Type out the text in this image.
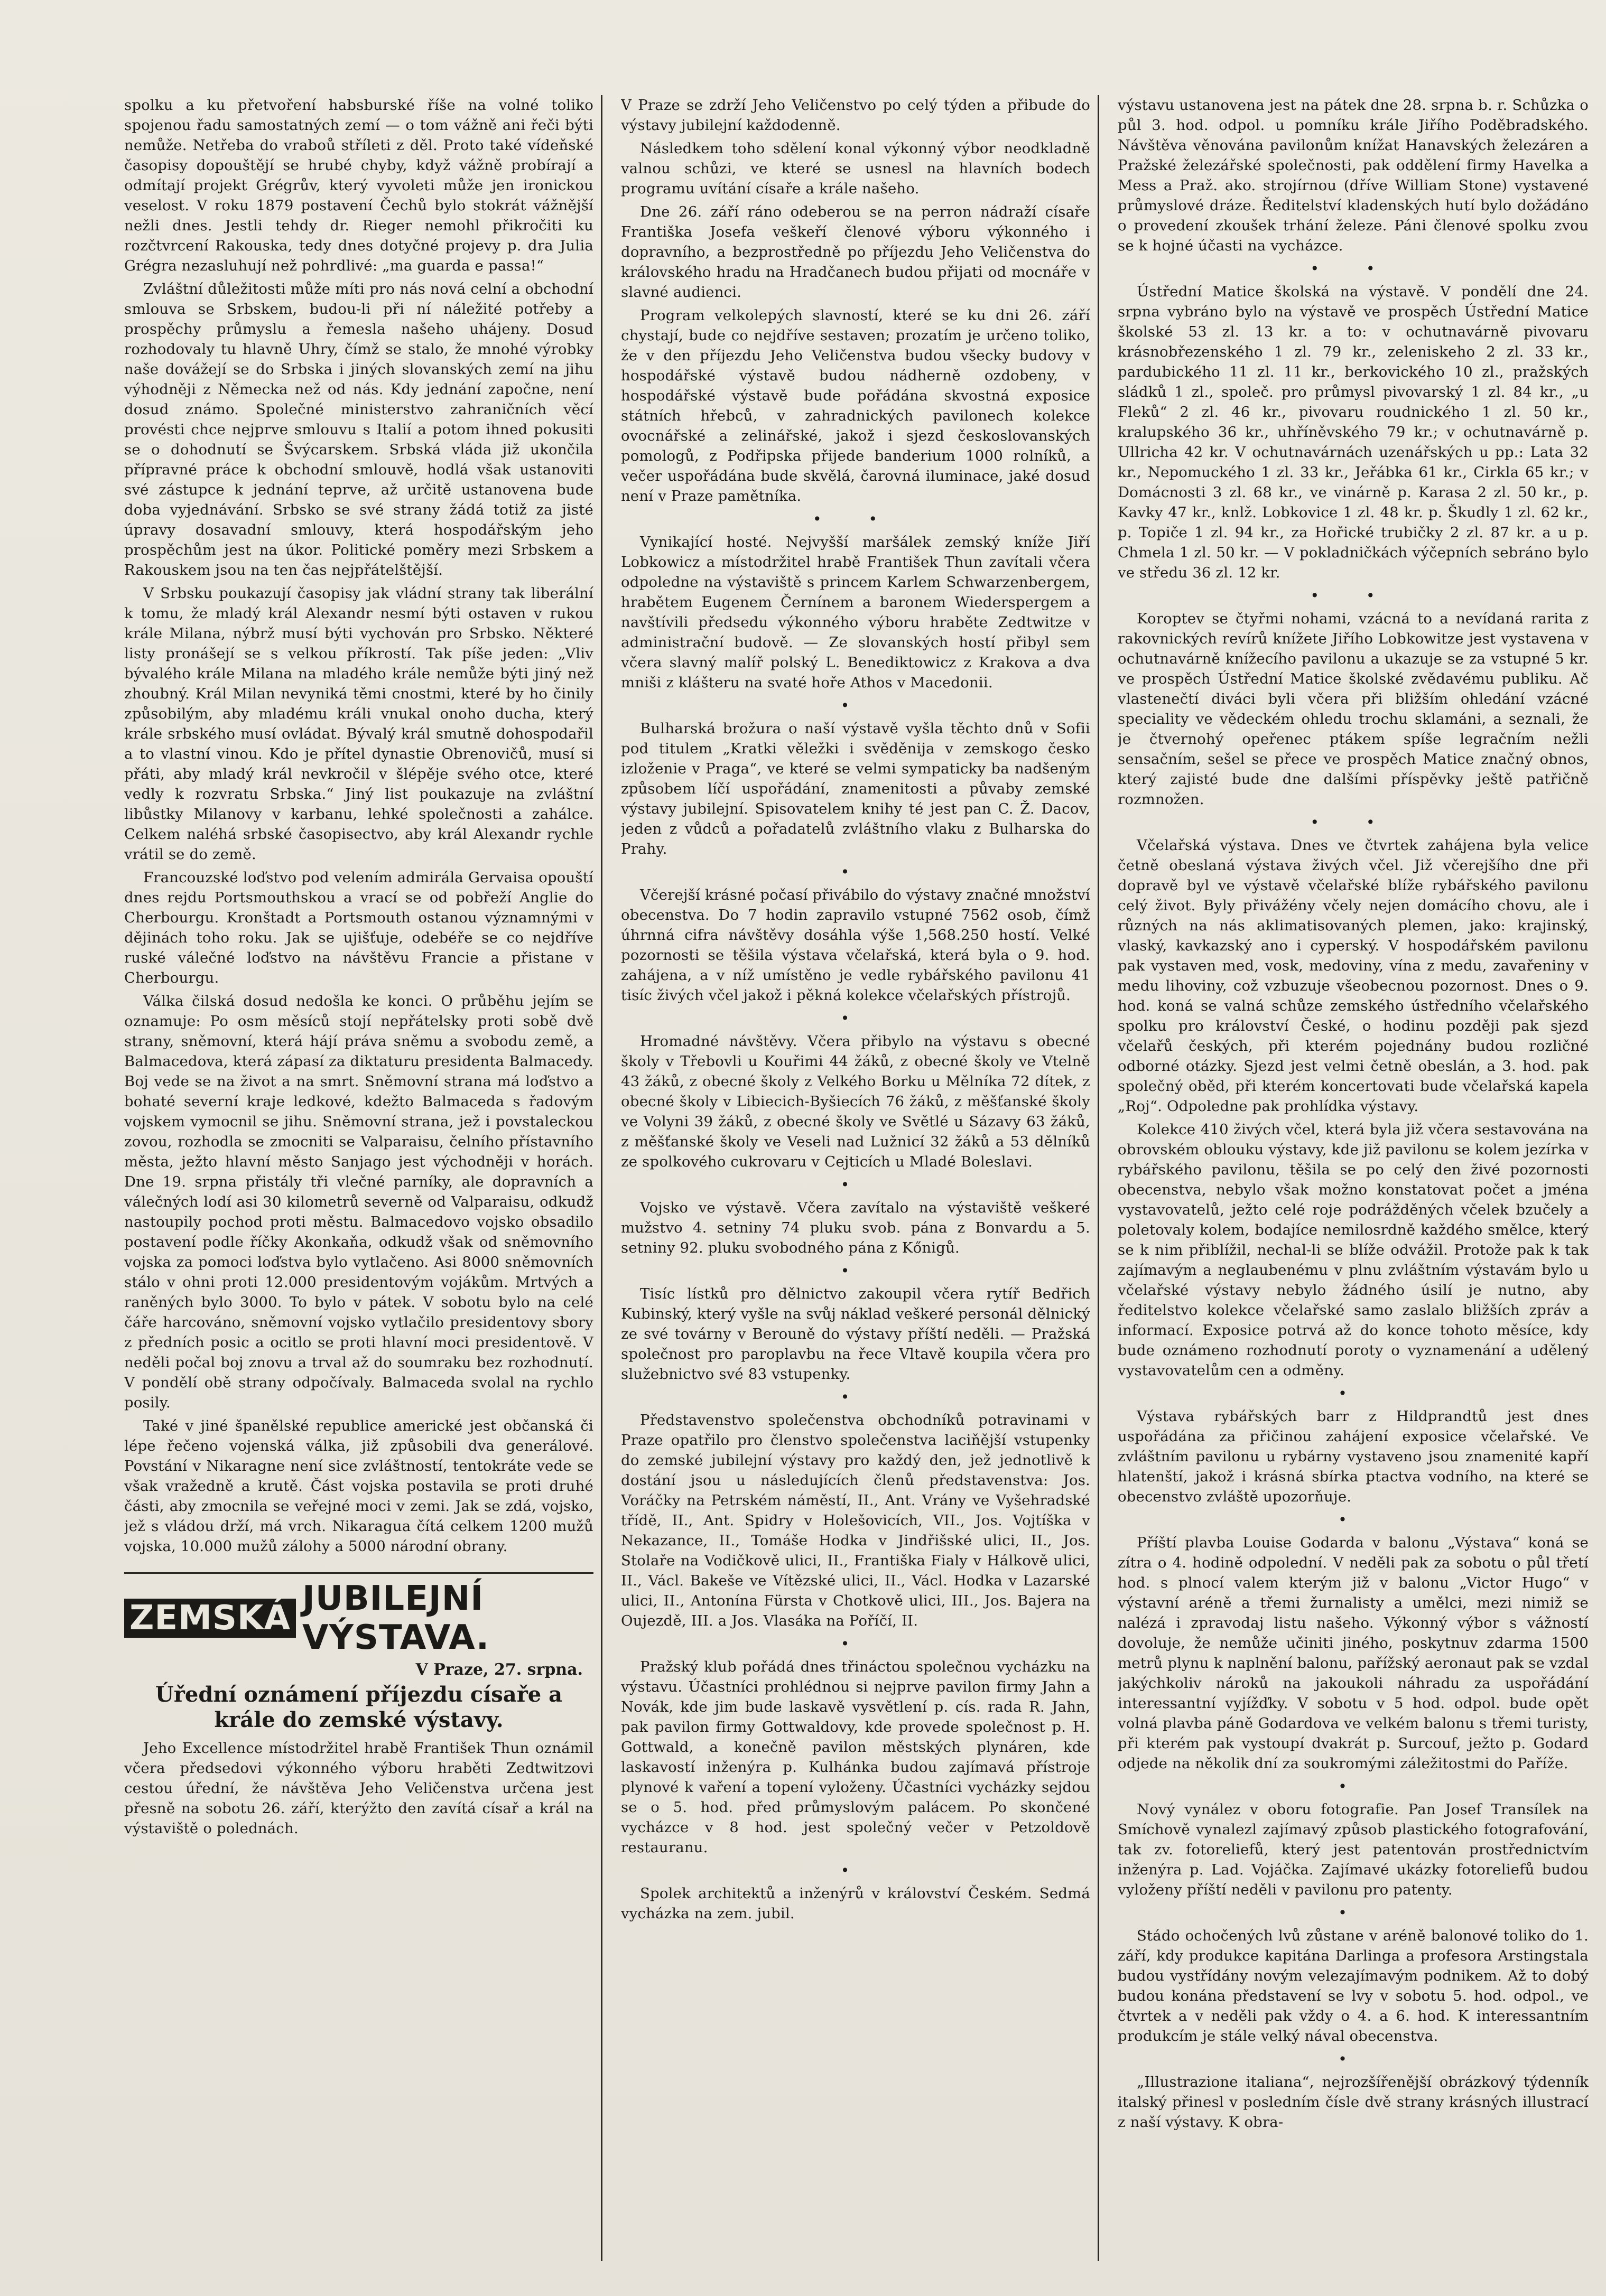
spolku a ku přetvoření habsburské říše na volné toliko spojenou řadu samostatných zemí — o tom vážně ani řeči býti nemůže. Netřeba do vraboů stříleti z děl. Proto také vídeňské časopisy dopouštějí se hrubé chyby, když vážně probírají a odmítají projekt Grégrův, který vyvoleti může jen ironickou veselost. V roku 1879 postavení Čechů bylo stokrát vážnější nežli dnes. Jestli tehdy dr. Rieger nemohl přikročiti ku rozčtvrcení Rakouska, tedy dnes dotyčné projevy p. dra Julia Grégra nezasluhují než pohrdlivé: „ma guarda e passa!“

Zvláštní důležitosti může míti pro nás nová celní a obchodní smlouva se Srbskem, budou-li při ní náležité potřeby a prospěchy průmyslu a řemesla našeho uhájeny. Dosud rozhodovaly tu hlavně Uhry, čímž se stalo, že mnohé výrobky naše dovážejí se do Srbska i jiných slovanských zemí na jihu výhodněji z Německa než od nás. Kdy jednání započne, není dosud známo. Společné ministerstvo zahraničních věcí provésti chce nejprve smlouvu s Italií a potom ihned pokusiti se o dohodnutí se Švýcarskem. Srbská vláda již ukončila přípravné práce k obchodní smlouvě, hodlá však ustanoviti své zástupce k jednání teprve, až určitě ustanovena bude doba vyjednávání. Srbsko se své strany žádá totiž za jisté úpravy dosavadní smlouvy, která hospodářským jeho prospěchům jest na úkor. Politické poměry mezi Srbskem a Rakouskem jsou na ten čas nejpřátelštější.

V Srbsku poukazují časopisy jak vládní strany tak liberální k tomu, že mladý král Alexandr nesmí býti ostaven v rukou krále Milana, nýbrž musí býti vychován pro Srbsko. Některé listy pronášejí se s velkou příkrostí. Tak píše jeden: „Vliv bývalého krále Milana na mladého krále nemůže býti jiný než zhoubný. Král Milan nevyniká těmi cnostmi, které by ho činily způsobilým, aby mladému králi vnukal onoho ducha, který krále srbského musí ovládat. Bývalý král smutně dohospodařil a to vlastní vinou. Kdo je přítel dynastie Obrenovičů, musí si přáti, aby mladý král nevkročil v šlépěje svého otce, které vedly k rozvratu Srbska.“ Jiný list poukazuje na zvláštní libůstky Milanovy v karbanu, lehké společnosti a zahálce. Celkem naléhá srbské časopisectvo, aby král Alexandr rychle vrátil se do země.

Francouzské loďstvo pod velením admirála Gervaisa opouští dnes rejdu Portsmouthskou a vrací se od pobřeží Anglie do Cherbourgu. Kronštadt a Portsmouth ostanou významnými v dějinách toho roku. Jak se ujišťuje, odebéře se co nejdříve ruské válečné loďstvo na návštěvu Francie a přistane v Cherbourgu.

Válka čilská dosud nedošla ke konci. O průběhu jejím se oznamuje: Po osm měsíců stojí nepřátelsky proti sobě dvě strany, sněmovní, která hájí práva sněmu a svobodu země, a Balmacedova, která zápasí za diktaturu presidenta Balmacedy. Boj vede se na život a na smrt. Sněmovní strana má loďstvo a bohaté severní kraje ledkové, kdežto Balmaceda s řadovým vojskem vymocnil se jihu. Sněmovní strana, jež i povstaleckou zovou, rozhodla se zmocniti se Valparaisu, čelního přístavního města, ježto hlavní město Sanjago jest východněji v horách. Dne 19. srpna přistály tři vlečné parníky, ale dopravních a válečných lodí asi 30 kilometrů severně od Valparaisu, odkudž nastoupily pochod proti městu. Balmacedovo vojsko obsadilo postavení podle říčky Akonkaňa, odkudž však od sněmovního vojska za pomoci loďstva bylo vytlačeno. Asi 8000 sněmovních stálo v ohni proti 12.000 presidentovým vojákům. Mrtvých a raněných bylo 3000. To bylo v pátek. V sobotu bylo na celé čáře harcováno, sněmovní vojsko vytlačilo presidentovy sbory z předních posic a ocitlo se proti hlavní moci presidentově. V neděli počal boj znovu a trval až do soumraku bez rozhodnutí. V pondělí obě strany odpočívaly. Balmaceda svolal na rychlo posily.

Také v jiné španělské republice americké jest občanská či lépe řečeno vojenská válka, již způsobili dva generálové. Povstání v Nikaragne není sice zvláštností, tentokráte vede se však vražedně a krutě. Část vojska postavila se proti druhé části, aby zmocnila se veřejné moci v zemi. Jak se zdá, vojsko, jež s vládou drží, má vrch. Nikaragua čítá celkem 1200 mužů vojska, 10.000 mužů zálohy a 5000 národní obrany.

ZEMSKÁ JUBILEJNÍ VÝSTAVA.
V Praze, 27. srpna.
Úřední oznámení příjezdu císaře a krále do zemské výstavy.

Jeho Excellence místodržitel hrabě František Thun oznámil včera předsedovi výkonného výboru hraběti Zedtwitzovi cestou úřední, že návštěva Jeho Veličenstva určena jest přesně na sobotu 26. září, kterýžto den zavítá císař a král na výstaviště o polednách.

V Praze se zdrží Jeho Veličenstvo po celý týden a přibude do výstavy jubilejní každodenně.

Následkem toho sdělení konal výkonný výbor neodkladně valnou schůzi, ve které se usnesl na hlavních bodech programu uvítání císaře a krále našeho.

Dne 26. září ráno odeberou se na perron nádraží císaře Františka Josefa veškeří členové výboru výkonného i dopravního, a bezprostředně po příjezdu Jeho Veličenstva do královského hradu na Hradčanech budou přijati od mocnáře v slavné audienci.

Program velkolepých slavností, které se ku dni 26. září chystají, bude co nejdříve sestaven; prozatím je určeno toliko, že v den příjezdu Jeho Veličenstva budou všecky budovy v hospodářské výstavě budou nádherně ozdobeny, v hospodářské výstavě bude pořádána skvostná exposice státních hřebců, v zahradnických pavilonech kolekce ovocnářské a zelinářské, jakož i sjezd českoslovanských pomologů, z Podřipska přijede banderium 1000 rolníků, a večer uspořádána bude skvělá, čarovná iluminace, jaké dosud není v Praze pamětníka.

• •

Vynikající hosté. Nejvyšší maršálek zemský kníže Jiří Lobkowicz a místodržitel hrabě František Thun zavítali včera odpoledne na výstaviště s princem Karlem Schwarzenbergem, hrabětem Eugenem Černínem a baronem Wiederspergem a navštívili předsedu výkonného výboru hraběte Zedtwitze v administrační budově. — Ze slovanských hostí přibyl sem včera slavný malíř polský L. Benediktowicz z Krakova a dva mniši z klášteru na svaté hoře Athos v Macedonii.

•

Bulharská brožura o naší výstavě vyšla těchto dnů v Sofii pod titulem „Kratki věležki i svěděnija v zemskogo česko izloženie v Praga“, ve které se velmi sympaticky ba nadšeným způsobem líčí uspořádání, znamenitosti a půvaby zemské výstavy jubilejní. Spisovatelem knihy té jest pan C. Ž. Dacov, jeden z vůdců a pořadatelů zvláštního vlaku z Bulharska do Prahy.

•

Včerejší krásné počasí přivábilo do výstavy značné množství obecenstva. Do 7 hodin zapravilo vstupné 7562 osob, čímž úhrnná cifra návštěvy dosáhla výše 1,568.250 hostí. Velké pozornosti se těšila výstava včelařská, která byla o 9. hod. zahájena, a v níž umístěno je vedle rybářského pavilonu 41 tisíc živých včel jakož i pěkná kolekce včelařských přístrojů.

•

Hromadné návštěvy. Včera přibylo na výstavu s obecné školy v Třebovli u Kouřimi 44 žáků, z obecné školy ve Vtelně 43 žáků, z obecné školy z Velkého Borku u Mělníka 72 dítek, z obecné školy v Libiecich-Byšiecích 76 žáků, z měšťanské školy ve Volyni 39 žáků, z obecné školy ve Světlé u Sázavy 63 žáků, z měšťanské školy ve Veseli nad Lužnicí 32 žáků a 53 dělníků ze spolkového cukrovaru v Cejticích u Mladé Boleslavi.

•

Vojsko ve výstavě. Včera zavítalo na výstaviště veškeré mužstvo 4. setniny 74 pluku svob. pána z Bonvardu a 5. setniny 92. pluku svobodného pána z Kőnigů.

•

Tisíc lístků pro dělnictvo zakoupil včera rytíř Bedřich Kubinský, který vyšle na svůj náklad veškeré personál dělnický ze své továrny v Berouně do výstavy příští neděli. — Pražská společnost pro paroplavbu na řece Vltavě koupila včera pro služebnictvo své 83 vstupenky.

•

Představenstvo společenstva obchodníků potravinami v Praze opatřilo pro členstvo společenstva laciňější vstupenky do zemské jubilejní výstavy pro každý den, jež jednotlivě k dostání jsou u následujících členů představenstva: Jos. Voráčky na Petrském náměstí, II., Ant. Vrány ve Vyšehradské třídě, II., Ant. Spidry v Holešovicích, VII., Jos. Vojtíška v Nekazance, II., Tomáše Hodka v Jindřišské ulici, II., Jos. Stolaře na Vodičkově ulici, II., Františka Fialy v Hálkově ulici, II., Václ. Bakeše ve Vítězské ulici, II., Václ. Hodka v Lazarské ulici, II., Antonína Fürsta v Chotkově ulici, III., Jos. Bajera na Oujezdě, III. a Jos. Vlasáka na Poříčí, II.

•

Pražský klub pořádá dnes třináctou společnou vycházku na výstavu. Účastníci prohlédnou si nejprve pavilon firmy Jahn a Novák, kde jim bude laskavě vysvětlení p. cís. rada R. Jahn, pak pavilon firmy Gottwaldovy, kde provede společnost p. H. Gottwald, a konečně pavilon městských plynáren, kde laskavostí inženýra p. Kulhánka budou zajímavá přístroje plynové k vaření a topení vyloženy. Účastníci vycházky sejdou se o 5. hod. před průmyslovým palácem. Po skončené vycházce v 8 hod. jest společný večer v Petzoldově restauranu.

•

Spolek architektů a inženýrů v království Českém. Sedmá vycházka na zem. jubil.

výstavu ustanovena jest na pátek dne 28. srpna b. r. Schůzka o půl 3. hod. odpol. u pomníku krále Jiřího Poděbradského. Návštěva věnována pavilonům knížat Hanavských železáren a Pražské železářské společnosti, pak oddělení firmy Havelka a Mess a Praž. ako. strojírnou (dříve William Stone) vystavené průmyslové dráze. Ředitelství kladenských hutí bylo dožádáno o provedení zkoušek trhání železe. Páni členové spolku zvou se k hojné účasti na vycházce.

• •

Ústřední Matice školská na výstavě. V pondělí dne 24. srpna vybráno bylo na výstavě ve prospěch Ústřední Matice školské 53 zl. 13 kr. a to: v ochutnavárně pivovaru krásnobřezenského 1 zl. 79 kr., zeleniskeho 2 zl. 33 kr., pardubického 11 zl. 11 kr., berkovického 10 zl., pražských sládků 1 zl., společ. pro průmysl pivovarský 1 zl. 84 kr., „u Fleků“ 2 zl. 46 kr., pivovaru roudnického 1 zl. 50 kr., kralupského 36 kr., uhříněvského 79 kr.; v ochutnavárně p. Ullricha 42 kr. V ochutnavárnách uzenářských u pp.: Lata 32 kr., Nepomuckého 1 zl. 33 kr., Jeřábka 61 kr., Cirkla 65 kr.; v Domácnosti 3 zl. 68 kr., ve vinárně p. Karasa 2 zl. 50 kr., p. Kavky 47 kr., knlž. Lobkovice 1 zl. 48 kr. p. Škudly 1 zl. 62 kr., p. Topiče 1 zl. 94 kr., za Hořické trubičky 2 zl. 87 kr. a u p. Chmela 1 zl. 50 kr. — V pokladničkách výčepních sebráno bylo ve středu 36 zl. 12 kr.

• •

Koroptev se čtyřmi nohami, vzácná to a nevídaná rarita z rakovnických revírů knížete Jiřího Lobkowitze jest vystavena v ochutnavárně knížecího pavilonu a ukazuje se za vstupné 5 kr. ve prospěch Ústřední Matice školské zvědavému publiku. Ač vlastenečtí diváci byli včera při bližším ohledání vzácné speciality ve vědeckém ohledu trochu sklamáni, a seznali, že je čtvernohý opeřenec ptákem spíše legračním nežli sensačním, sešel se přece ve prospěch Matice značný obnos, který zajisté bude dne dalšími příspěvky ještě patřičně rozmnožen.

• •

Včelařská výstava. Dnes ve čtvrtek zahájena byla velice četně obeslaná výstava živých včel. Již včerejšího dne při dopravě byl ve výstavě včelařské blíže rybářského pavilonu celý život. Byly přivážény včely nejen domácího chovu, ale i různých na nás aklimatisovaných plemen, jako: krajinský, vlaský, kavkazský ano i cyperský. V hospodářském pavilonu pak vystaven med, vosk, medoviny, vína z medu, zavařeniny v medu lihoviny, což vzbuzuje všeobecnou pozornost. Dnes o 9. hod. koná se valná schůze zemského ústředního včelařského spolku pro království České, o hodinu později pak sjezd včelařů českých, při kterém pojednány budou rozličné odborné otázky. Sjezd jest velmi četně obeslán, a 3. hod. pak společný oběd, při kterém koncertovati bude včelařská kapela „Roj“. Odpoledne pak prohlídka výstavy.

Kolekce 410 živých včel, která byla již včera sestavována na obrovském oblouku výstavy, kde již pavilonu se kolem jezírka v rybářského pavilonu, těšila se po celý den živé pozornosti obecenstva, nebylo však možno konstatovat počet a jména vystavovatelů, ježto celé roje podrážděných včelek bzučely a poletovaly kolem, bodajíce nemilosrdně každého smělce, který se k nim přiblížil, nechal-li se blíže odvážil. Protože pak k tak zajímavým a neglaubenému v plnu zvláštním výstavám bylo u včelařské výstavy nebylo žádného úsilí je nutno, aby ředitelstvo kolekce včelařské samo zaslalo bližších zpráv a informací. Exposice potrvá až do konce tohoto měsíce, kdy bude oznámeno rozhodnutí poroty o vyznamenání a udělený vystavovatelům cen a odměny.

•

Výstava rybářských barr z Hildprandtů jest dnes uspořádána za přičinou zahájení exposice včelařské. Ve zvláštním pavilonu u rybárny vystaveno jsou znamenité kapří hlatenští, jakož i krásná sbírka ptactva vodního, na které se obecenstvo zvláště upozorňuje.

•

Příští plavba Louise Godarda v balonu „Výstava“ koná se zítra o 4. hodině odpolední. V neděli pak za sobotu o půl třetí hod. s plnocí valem kterým již v balonu „Victor Hugo“ v výstavní aréně a třemi žurnalisty a umělci, mezi nimiž se nalézá i zpravodaj listu našeho. Výkonný výbor s vážností dovoluje, že nemůže učiniti jiného, poskytnuv zdarma 1500 metrů plynu k naplnění balonu, pařížský aeronaut pak se vzdal jakýchkoliv nároků na jakoukoli náhradu za uspořádání interessantní vyjížďky. V sobotu v 5 hod. odpol. bude opět volná plavba páně Godardova ve velkém balonu s třemi turisty, při kterém pak vystoupí dvakrát p. Surcouf, ježto p. Godard odjede na několik dní za soukromými záležitostmi do Paříže.

•

Nový vynález v oboru fotografie. Pan Josef Transílek na Smíchově vynalezl zajímavý způsob plastického fotografování, tak zv. fotoreliefů, který jest patentován prostřednictvím inženýra p. Lad. Vojáčka. Zajímavé ukázky fotoreliefů budou vyloženy příští neděli v pavilonu pro patenty.

•

Stádo ochočených lvů zůstane v aréně balonové toliko do 1. září, kdy produkce kapitána Darlinga a profesora Arstingstala budou vystřídány novým velezajímavým podnikem. Až to dobý budou konána představení se lvy v sobotu 5. hod. odpol., ve čtvrtek a v neděli pak vždy o 4. a 6. hod. K interessantním produkcím je stále velký nával obecenstva.

•

„Illustrazione italiana“, nejrozšířenější obrázkový týdenník italský přinesl v posledním čísle dvě strany krásných illustrací z naší výstavy. K obra-
